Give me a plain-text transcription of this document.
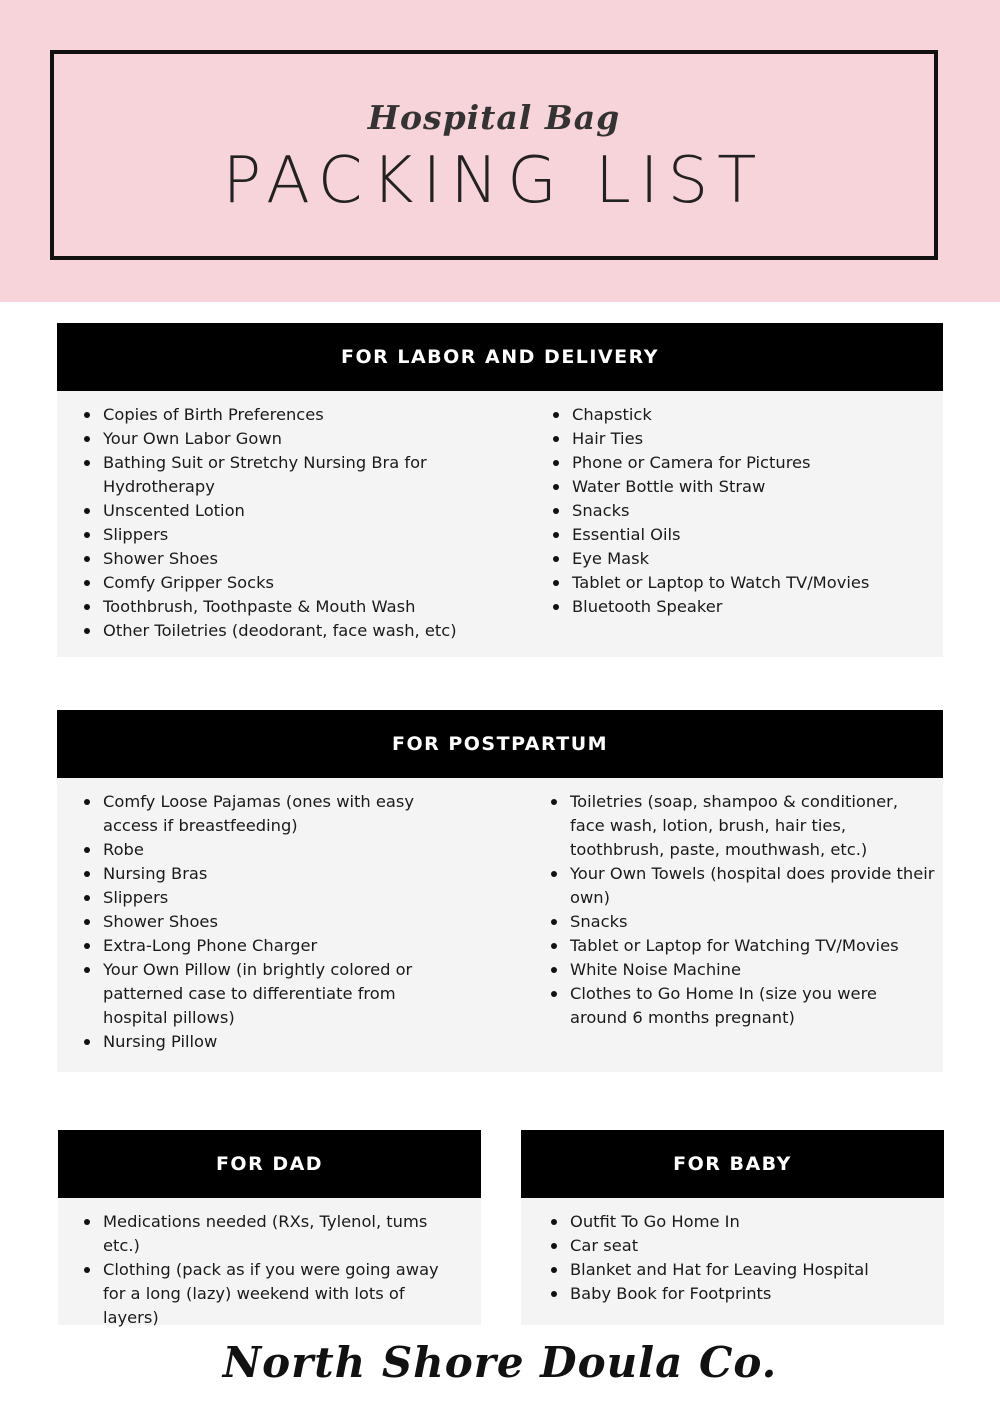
Hospital Bag
PACKING LIST
FOR LABOR AND DELIVERY
Copies of Birth Preferences
Your Own Labor Gown
Bathing Suit or Stretchy Nursing Bra for Hydrotherapy
Unscented Lotion
Slippers
Shower Shoes
Comfy Gripper Socks
Toothbrush, Toothpaste & Mouth Wash
Other Toiletries (deodorant, face wash, etc)
Chapstick
Hair Ties
Phone or Camera for Pictures
Water Bottle with Straw
Snacks
Essential Oils
Eye Mask
Tablet or Laptop to Watch TV/Movies
Bluetooth Speaker
FOR POSTPARTUM
Comfy Loose Pajamas (ones with easy access if breastfeeding)
Robe
Nursing Bras
Slippers
Shower Shoes
Extra-Long Phone Charger
Your Own Pillow (in brightly colored or patterned case to differentiate from hospital pillows)
Nursing Pillow
Toiletries (soap, shampoo & conditioner, face wash, lotion, brush, hair ties, toothbrush, paste, mouthwash, etc.)
Your Own Towels (hospital does provide their own)
Snacks
Tablet or Laptop for Watching TV/Movies
White Noise Machine
Clothes to Go Home In (size you were around 6 months pregnant)
FOR DAD
Medications needed (RXs, Tylenol, tums etc.)
Clothing (pack as if you were going away for a long (lazy) weekend with lots of layers)
FOR BABY
Outfit To Go Home In
Car seat
Blanket and Hat for Leaving Hospital
Baby Book for Footprints
North Shore Doula Co.
